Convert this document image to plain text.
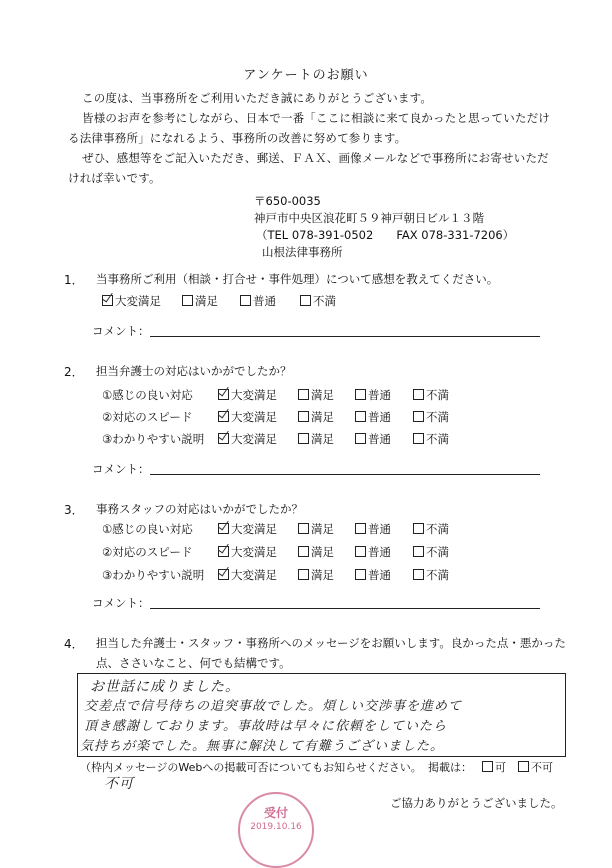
アンケートのお願い
この度は、当事務所をご利用いただき誠にありがとうございます。
皆様のお声を参考にしながら、日本で一番「ここに相談に来て良かったと思っていただけ
る法律事務所」になれるよう、事務所の改善に努めて参ります。
ぜひ、感想等をご記入いただき、郵送、ＦＡＸ、画像メールなどで事務所にお寄せいただ
ければ幸いです。
〒650-0035
神戸市中央区浪花町５９神戸朝日ビル１３階
（TEL 078-391-0502　　FAX 078-331-7206）
山根法律事務所
1． 当事務所ご利用（相談・打合せ・事件処理）について感想を教えてください。
大変満足	満足	普通	不満
コメント：
2． 担当弁護士の対応はいかがでしたか？
①感じの良い対応	大変満足	満足	普通	不満
②対応のスピード	大変満足	満足	普通	不満
③わかりやすい説明	大変満足	満足	普通	不満
コメント：
3． 事務スタッフの対応はいかがでしたか？
①感じの良い対応	大変満足	満足	普通	不満
②対応のスピード	大変満足	満足	普通	不満
③わかりやすい説明	大変満足	満足	普通	不満
コメント：
4． 担当した弁護士・スタッフ・事務所へのメッセージをお願いします。良かった点・悪かった
点、ささいなこと、何でも結構です。
お世話に成りました。
交差点で信号待ちの追突事故でした。煩しい交渉事を進めて
頂き感謝しております。事故時は早々に依頼をしていたら
気持ちが楽でした。無事に解決して有難うございました。
（枠内メッセージのWebへの掲載可否についてもお知らせください。 掲載は：	可	不可
不可
ご協力ありがとうございました。
受付
2019.10.16
